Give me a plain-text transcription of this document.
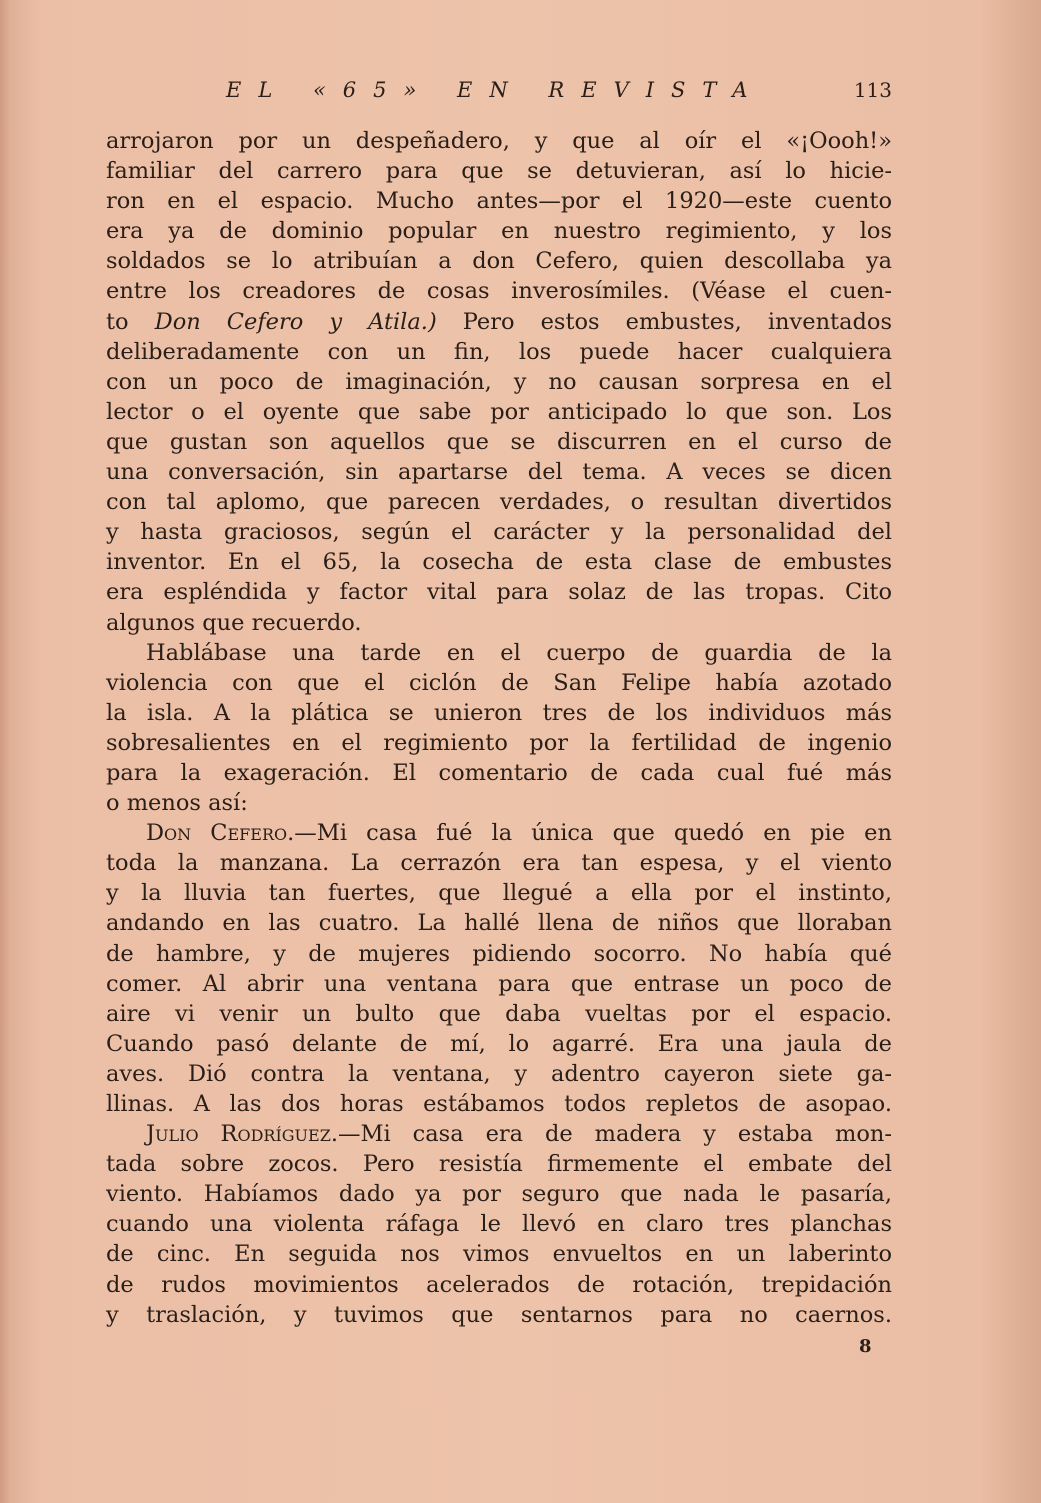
EL «65» EN REVISTA	113
arrojaron por un despeñadero, y que al oír el «¡Oooh!»
familiar del carrero para que se detuvieran, así lo hicie-
ron en el espacio. Mucho antes—por el 1920—este cuento
era ya de dominio popular en nuestro regimiento, y los
soldados se lo atribuían a don Cefero, quien descollaba ya
entre los creadores de cosas inverosímiles. (Véase el cuen-
to Don Cefero y Atila.) Pero estos embustes, inventados
deliberadamente con un fin, los puede hacer cualquiera
con un poco de imaginación, y no causan sorpresa en el
lector o el oyente que sabe por anticipado lo que son. Los
que gustan son aquellos que se discurren en el curso de
una conversación, sin apartarse del tema. A veces se dicen
con tal aplomo, que parecen verdades, o resultan divertidos
y hasta graciosos, según el carácter y la personalidad del
inventor. En el 65, la cosecha de esta clase de embustes
era espléndida y factor vital para solaz de las tropas. Cito
algunos que recuerdo.
Hablábase una tarde en el cuerpo de guardia de la
violencia con que el ciclón de San Felipe había azotado
la isla. A la plática se unieron tres de los individuos más
sobresalientes en el regimiento por la fertilidad de ingenio
para la exageración. El comentario de cada cual fué más
o menos así:
Don Cefero.—Mi casa fué la única que quedó en pie en
toda la manzana. La cerrazón era tan espesa, y el viento
y la lluvia tan fuertes, que llegué a ella por el instinto,
andando en las cuatro. La hallé llena de niños que lloraban
de hambre, y de mujeres pidiendo socorro. No había qué
comer. Al abrir una ventana para que entrase un poco de
aire vi venir un bulto que daba vueltas por el espacio.
Cuando pasó delante de mí, lo agarré. Era una jaula de
aves. Dió contra la ventana, y adentro cayeron siete ga-
llinas. A las dos horas estábamos todos repletos de asopao.
Julio Rodríguez.—Mi casa era de madera y estaba mon-
tada sobre zocos. Pero resistía firmemente el embate del
viento. Habíamos dado ya por seguro que nada le pasaría,
cuando una violenta ráfaga le llevó en claro tres planchas
de cinc. En seguida nos vimos envueltos en un laberinto
de rudos movimientos acelerados de rotación, trepidación
y traslación, y tuvimos que sentarnos para no caernos.
8
